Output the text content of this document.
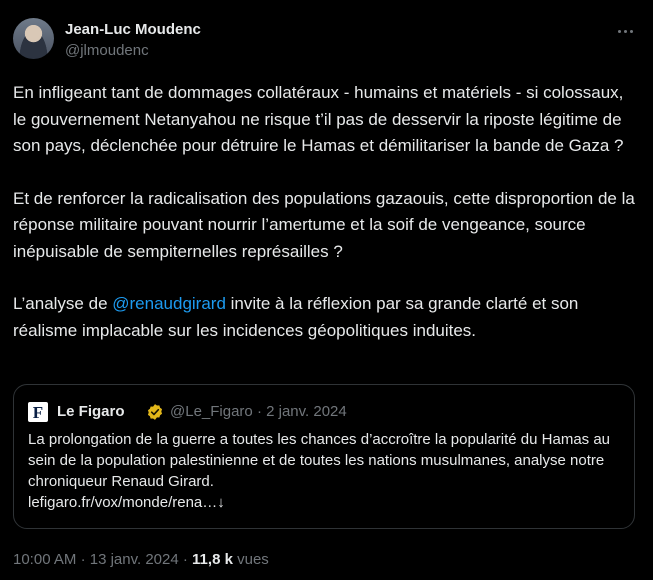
Jean-Luc Moudenc
@jlmoudenc
En infligeant tant de dommages collatéraux - humains et matériels - si colossaux, le gouvernement Netanyahou ne risque t’il pas de desservir la riposte légitime de son pays, déclenchée pour détruire le Hamas et démilitariser la bande de Gaza ?
Et de renforcer la radicalisation des populations gazaouis, cette disproportion de la réponse militaire pouvant nourrir l’amertume et la soif de vengeance, source inépuisable de sempiternelles représailles ?
L’analyse de @renaudgirard invite à la réflexion par sa grande clarté et son réalisme implacable sur les incidences géopolitiques induites.
F Le Figaro	@Le_Figaro · 2 janv. 2024
La prolongation de la guerre a toutes les chances d’accroître la popularité du Hamas au sein de la population palestinienne et de toutes les nations musulmanes, analyse notre chroniqueur Renaud Girard.
lefigaro.fr/vox/monde/rena…↓
10:00 AM · 13 janv. 2024 · 11,8 k vues
